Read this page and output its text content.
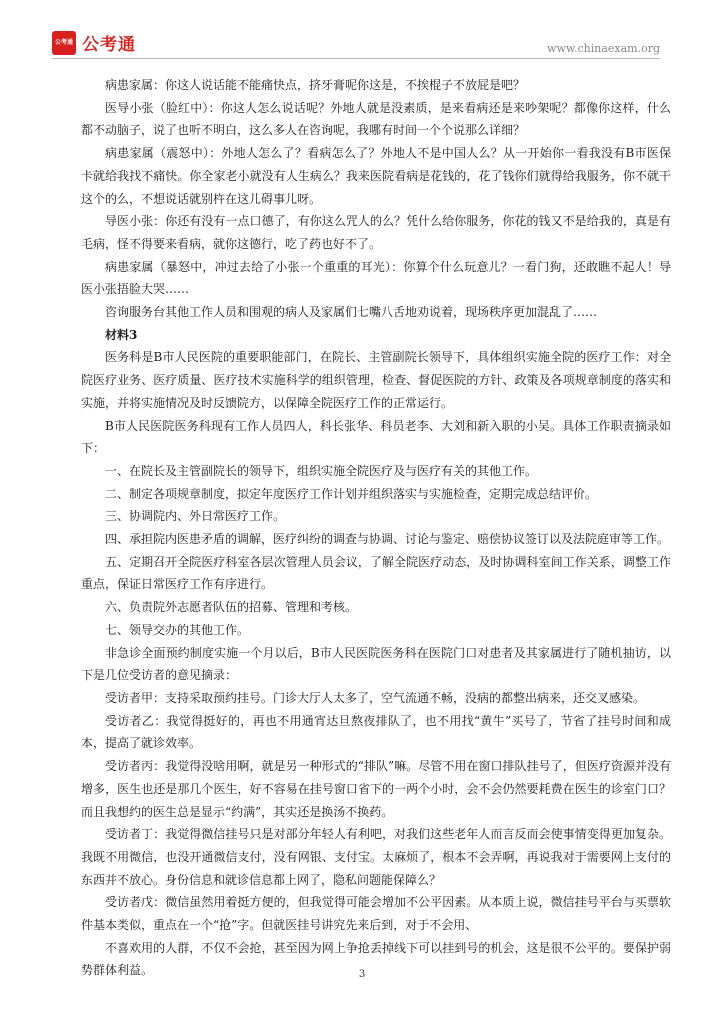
公考通 公考通	www.chinaexam.org

病患家属：你这人说话能不能痛快点，挤牙膏呢你这是，不挨棍子不放屁是吧？

医导小张（脸红中）：你这人怎么说话呢？外地人就是没素质，是来看病还是来吵架呢？都像你这样，什么都不动脑子，说了也听不明白，这么多人在咨询呢，我哪有时间一个个说那么详细？

病患家属（震怒中）：外地人怎么了？看病怎么了？外地人不是中国人么？从一开始你一看我没有B市医保卡就给我找不痛快。你全家老小就没有人生病么？我来医院看病是花钱的，花了钱你们就得给我服务，你不就干这个的么，不想说话就别杵在这儿碍事儿呀。

导医小张：你还有没有一点口德了，有你这么咒人的么？凭什么给你服务，你花的钱又不是给我的，真是有毛病，怪不得要来看病，就你这德行，吃了药也好不了。

病患家属（暴怒中，冲过去给了小张一个重重的耳光）：你算个什么玩意儿？一看门狗，还敢瞧不起人！导医小张捂脸大哭……

咨询服务台其他工作人员和围观的病人及家属们七嘴八舌地劝说着，现场秩序更加混乱了……

材料3

医务科是B市人民医院的重要职能部门，在院长、主管副院长领导下，具体组织实施全院的医疗工作：对全院医疗业务、医疗质量、医疗技术实施科学的组织管理，检查、督促医院的方针、政策及各项规章制度的落实和实施，并将实施情况及时反馈院方，以保障全院医疗工作的正常运行。

B市人民医院医务科现有工作人员四人，科长张华、科员老李、大刘和新入职的小吴。具体工作职责摘录如下：

一、在院长及主管副院长的领导下，组织实施全院医疗及与医疗有关的其他工作。

二、制定各项规章制度，拟定年度医疗工作计划并组织落实与实施检查，定期完成总结评价。

三、协调院内、外日常医疗工作。

四、承担院内医患矛盾的调解，医疗纠纷的调查与协调、讨论与鉴定、赔偿协议签订以及法院庭审等工作。

五、定期召开全院医疗科室各层次管理人员会议，了解全院医疗动态，及时协调科室间工作关系，调整工作重点，保证日常医疗工作有序进行。

六、负责院外志愿者队伍的招募、管理和考核。

七、领导交办的其他工作。

非急诊全面预约制度实施一个月以后，B市人民医院医务科在医院门口对患者及其家属进行了随机抽访，以下是几位受访者的意见摘录：

受访者甲：支持采取预约挂号。门诊大厅人太多了，空气流通不畅，没病的都整出病来，还交叉感染。

受访者乙：我觉得挺好的，再也不用通宵达旦熬夜排队了，也不用找“黄牛”买号了，节省了挂号时间和成本，提高了就诊效率。

受访者丙：我觉得没啥用啊，就是另一种形式的“排队”嘛。尽管不用在窗口排队挂号了，但医疗资源并没有增多，医生也还是那几个医生，好不容易在挂号窗口省下的一两个小时，会不会仍然要耗费在医生的诊室门口？而且我想约的医生总是显示“约满”，其实还是换汤不换药。

受访者丁：我觉得微信挂号只是对部分年轻人有利吧，对我们这些老年人而言反而会使事情变得更加复杂。我既不用微信，也没开通微信支付，没有网银、支付宝。太麻烦了，根本不会弄啊，再说我对于需要网上支付的东西并不放心。身份信息和就诊信息都上网了，隐私问题能保障么？

受访者戊：微信虽然用着挺方便的，但我觉得可能会增加不公平因素。从本质上说，微信挂号平台与买票软件基本类似，重点在一个“抢”字。但就医挂号讲究先来后到，对于不会用、

不喜欢用的人群，不仅不会抢，甚至因为网上争抢丢掉线下可以挂到号的机会，这是很不公平的。要保护弱势群体利益。	3
